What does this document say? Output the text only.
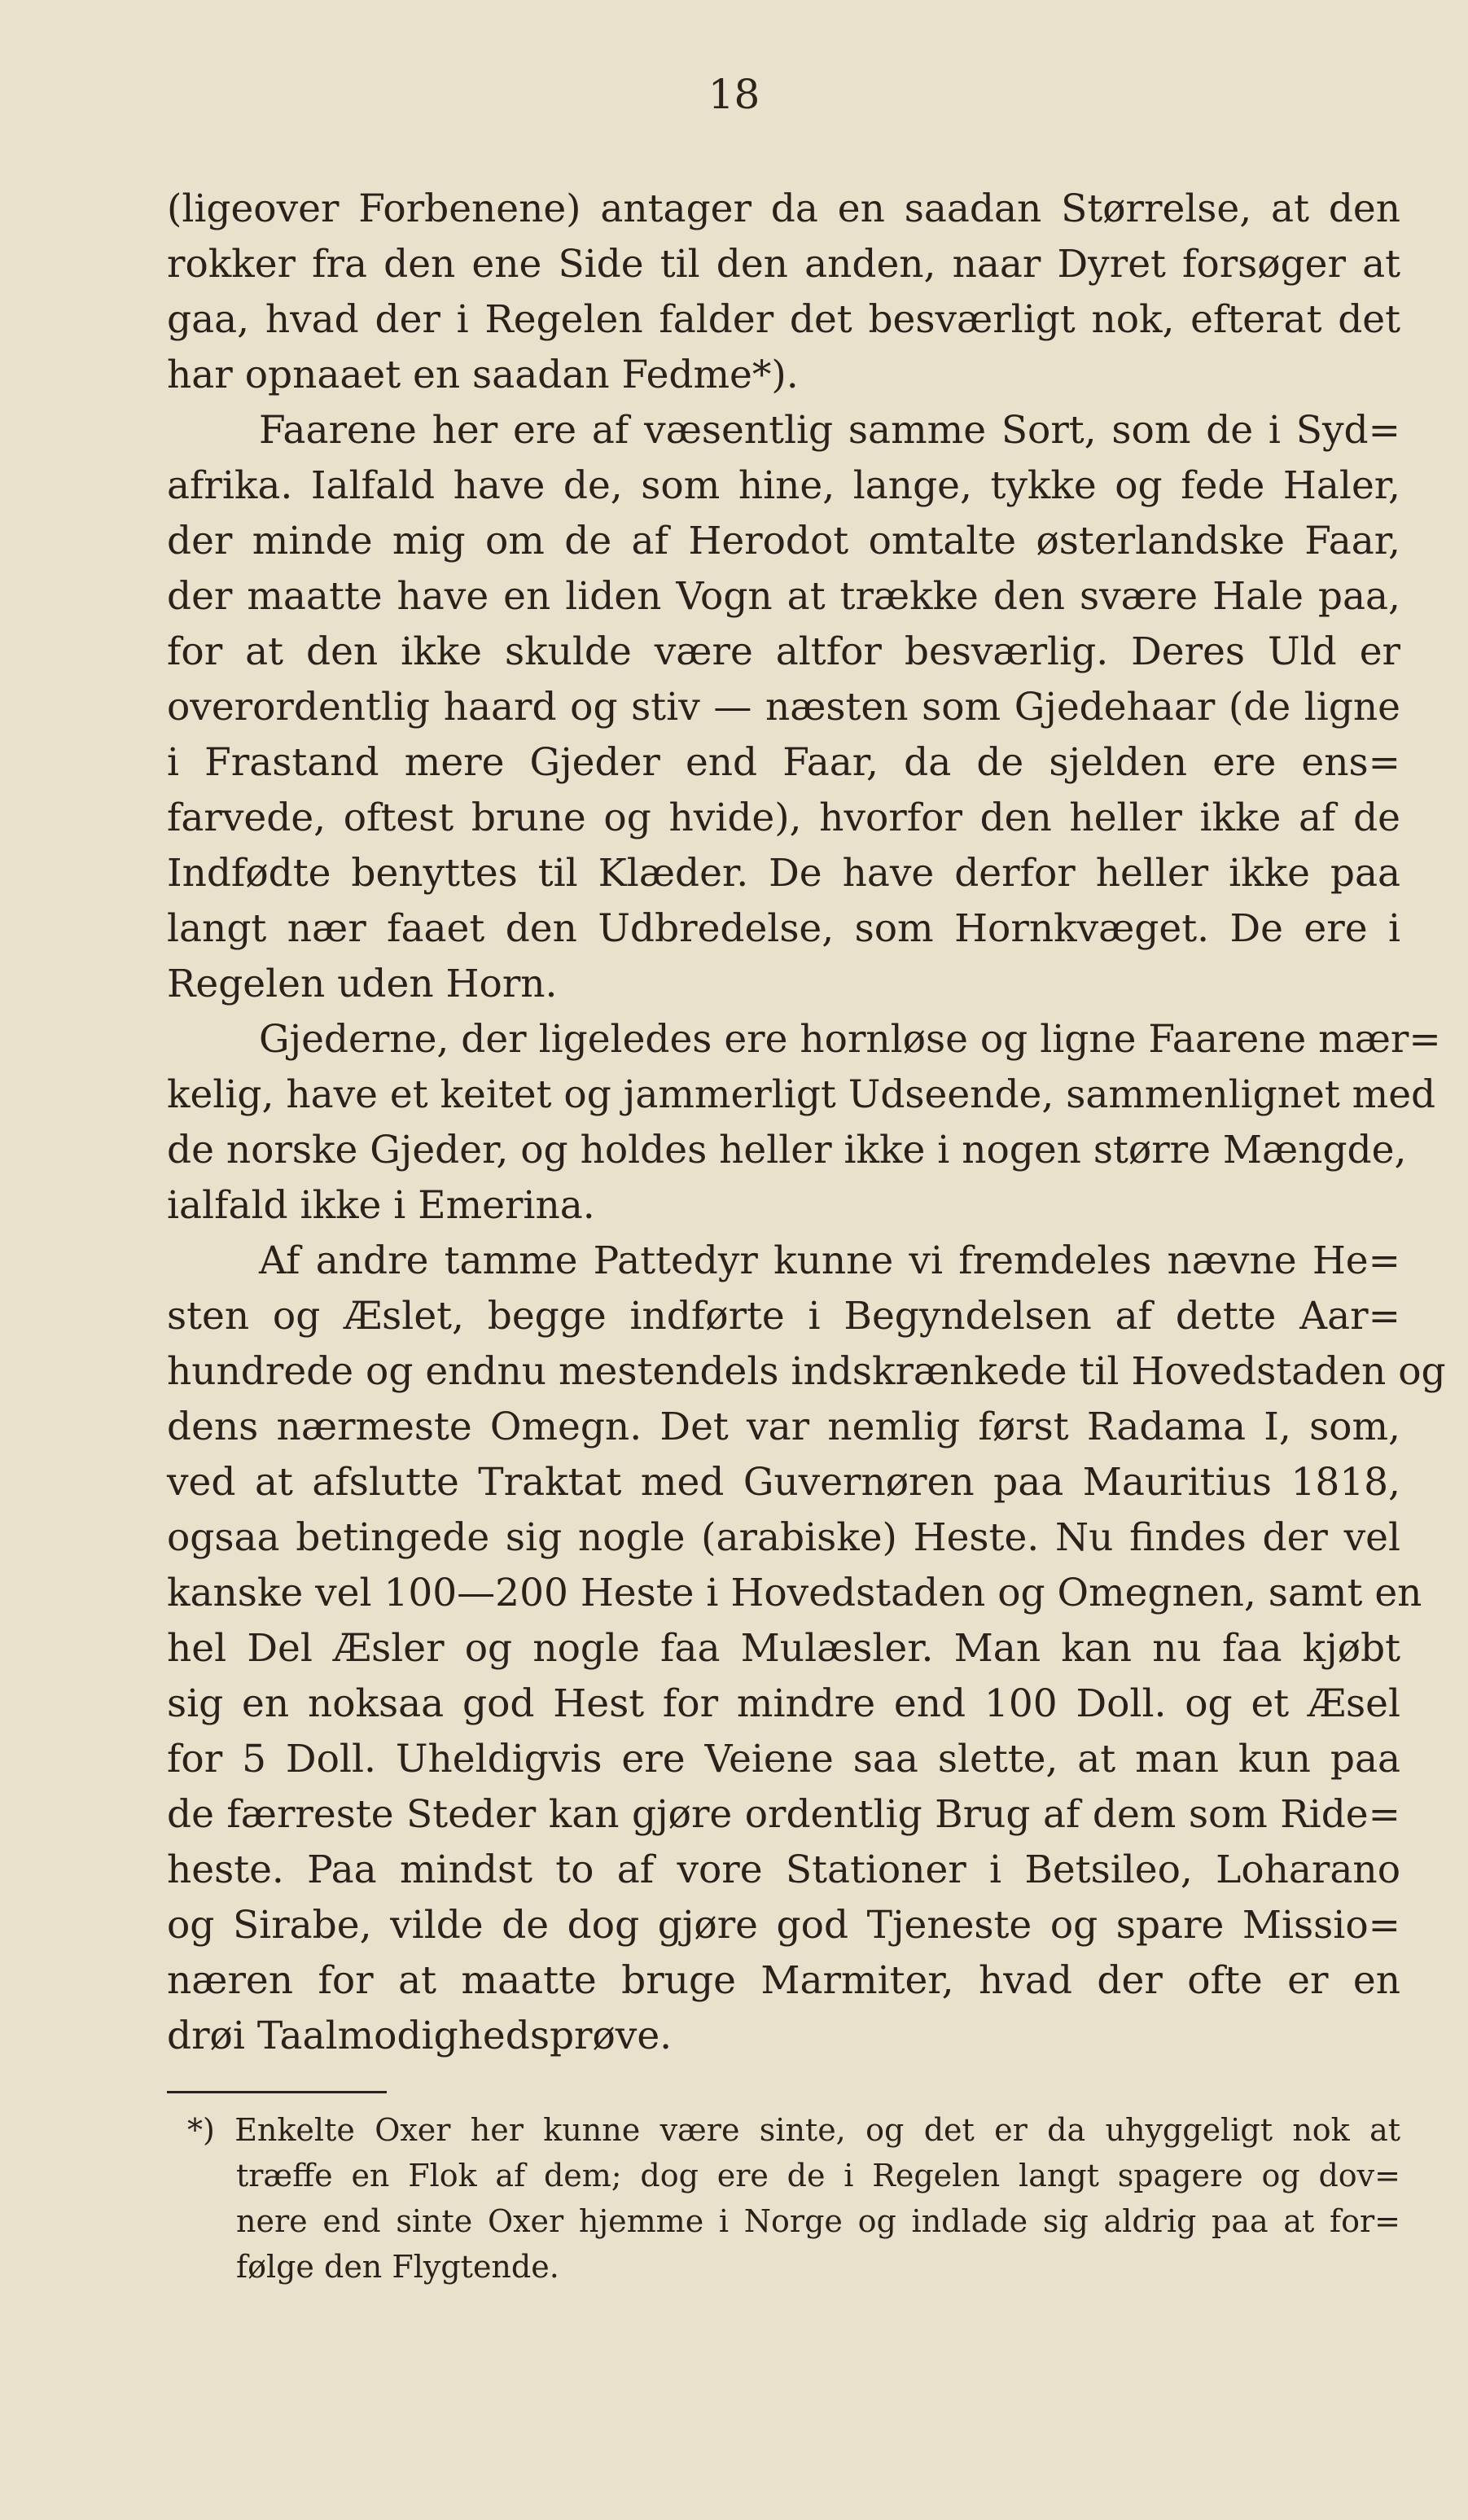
18
(ligeover Forbenene) antager da en saadan Størrelse, at den
rokker fra den ene Side til den anden, naar Dyret forsøger at
gaa, hvad der i Regelen falder det besværligt nok, efterat det
har opnaaet en saadan Fedme*).
Faarene her ere af væsentlig samme Sort, som de i Syd=
afrika. Ialfald have de, som hine, lange, tykke og fede Haler,
der minde mig om de af Herodot omtalte østerlandske Faar,
der maatte have en liden Vogn at trække den svære Hale paa,
for at den ikke skulde være altfor besværlig. Deres Uld er
overordentlig haard og stiv — næsten som Gjedehaar (de ligne
i Frastand mere Gjeder end Faar, da de sjelden ere ens=
farvede, oftest brune og hvide), hvorfor den heller ikke af de
Indfødte benyttes til Klæder. De have derfor heller ikke paa
langt nær faaet den Udbredelse, som Hornkvæget. De ere i
Regelen uden Horn.
Gjederne, der ligeledes ere hornløse og ligne Faarene mær=
kelig, have et keitet og jammerligt Udseende, sammenlignet med
de norske Gjeder, og holdes heller ikke i nogen større Mængde,
ialfald ikke i Emerina.
Af andre tamme Pattedyr kunne vi fremdeles nævne He=
sten og Æslet, begge indførte i Begyndelsen af dette Aar=
hundrede og endnu mestendels indskrænkede til Hovedstaden og
dens nærmeste Omegn. Det var nemlig først Radama I, som,
ved at afslutte Traktat med Guvernøren paa Mauritius 1818,
ogsaa betingede sig nogle (arabiske) Heste. Nu findes der vel
kanske vel 100—200 Heste i Hovedstaden og Omegnen, samt en
hel Del Æsler og nogle faa Mulæsler. Man kan nu faa kjøbt
sig en noksaa god Hest for mindre end 100 Doll. og et Æsel
for 5 Doll. Uheldigvis ere Veiene saa slette, at man kun paa
de færreste Steder kan gjøre ordentlig Brug af dem som Ride=
heste. Paa mindst to af vore Stationer i Betsileo, Loharano
og Sirabe, vilde de dog gjøre god Tjeneste og spare Missio=
næren for at maatte bruge Marmiter, hvad der ofte er en
drøi Taalmodighedsprøve.
*) Enkelte Oxer her kunne være sinte, og det er da uhyggeligt nok at
træffe en Flok af dem; dog ere de i Regelen langt spagere og dov=
nere end sinte Oxer hjemme i Norge og indlade sig aldrig paa at for=
følge den Flygtende.
